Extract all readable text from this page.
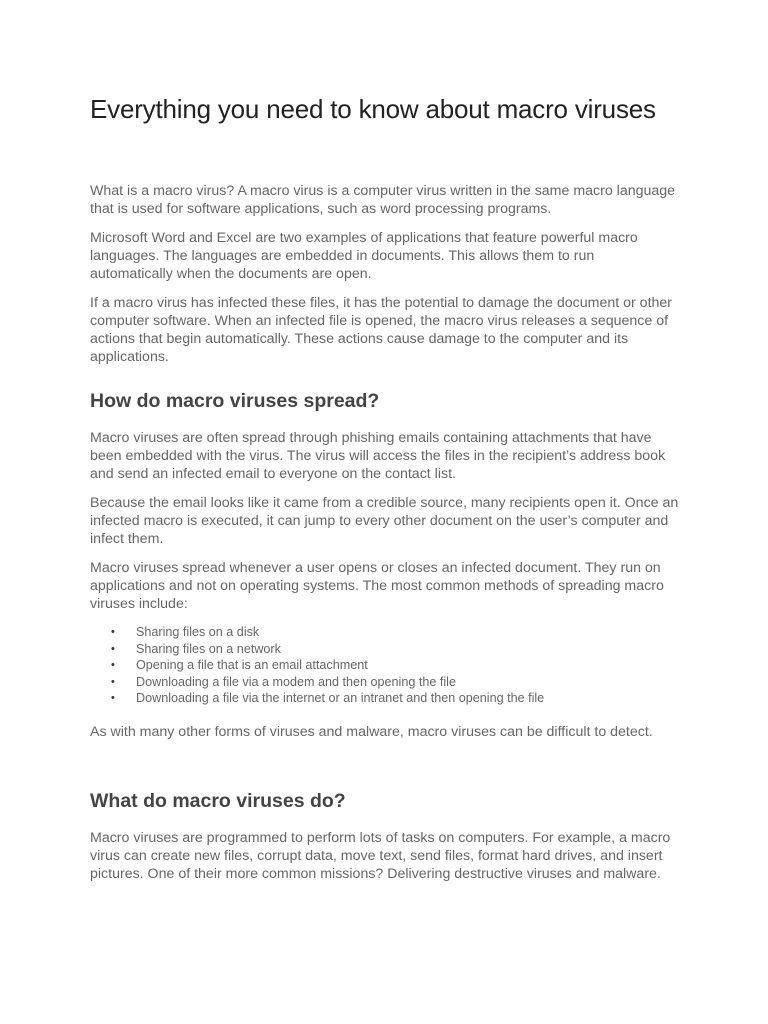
Everything you need to know about macro viruses

What is a macro virus? A macro virus is a computer virus written in the same macro language that is used for software applications, such as word processing programs.

Microsoft Word and Excel are two examples of applications that feature powerful macro languages. The languages are embedded in documents. This allows them to run automatically when the documents are open.

If a macro virus has infected these files, it has the potential to damage the document or other computer software. When an infected file is opened, the macro virus releases a sequence of actions that begin automatically. These actions cause damage to the computer and its applications.

How do macro viruses spread?

Macro viruses are often spread through phishing emails containing attachments that have been embedded with the virus. The virus will access the files in the recipient’s address book and send an infected email to everyone on the contact list.

Because the email looks like it came from a credible source, many recipients open it. Once an infected macro is executed, it can jump to every other document on the user’s computer and infect them.

Macro viruses spread whenever a user opens or closes an infected document. They run on applications and not on operating systems. The most common methods of spreading macro viruses include:

• Sharing files on a disk
• Sharing files on a network
• Opening a file that is an email attachment
• Downloading a file via a modem and then opening the file
• Downloading a file via the internet or an intranet and then opening the file

As with many other forms of viruses and malware, macro viruses can be difficult to detect.

What do macro viruses do?

Macro viruses are programmed to perform lots of tasks on computers. For example, a macro virus can create new files, corrupt data, move text, send files, format hard drives, and insert pictures. One of their more common missions? Delivering destructive viruses and malware.
